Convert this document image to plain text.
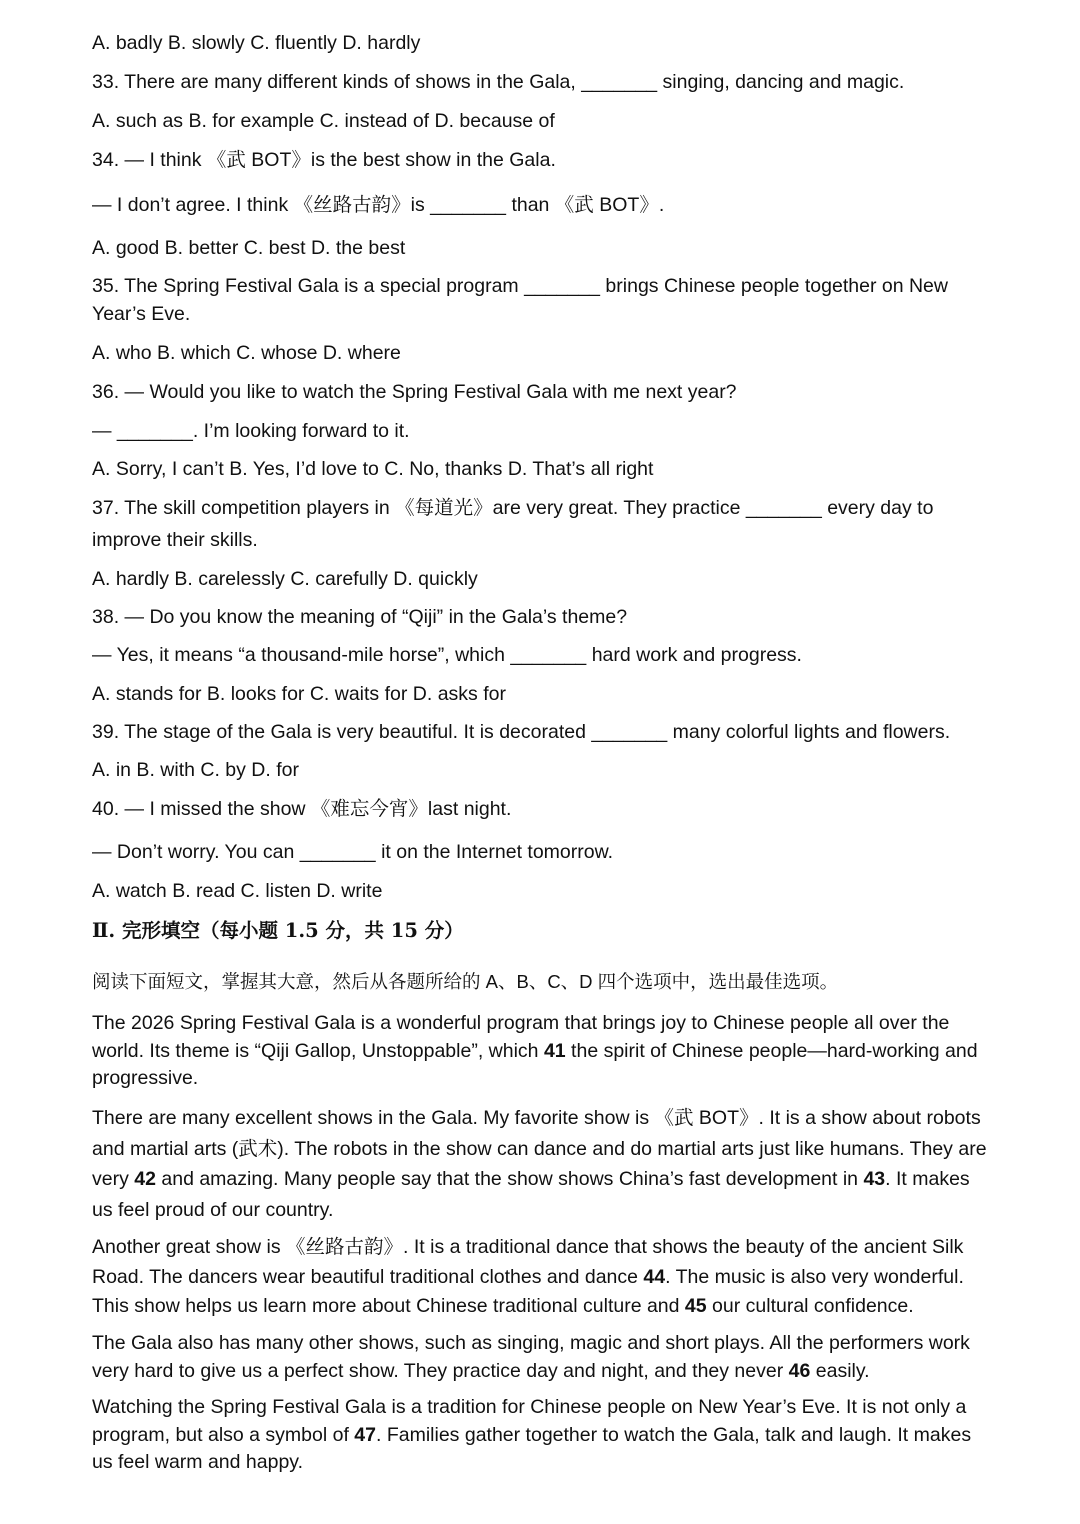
A. badly B. slowly C. fluently D. hardly

33. There are many different kinds of shows in the Gala, _______ singing, dancing and magic.

A. such as B. for example C. instead of D. because of

34. — I think 《武 BOT》is the best show in the Gala.

— I don’t agree. I think 《丝路古韵》is _______ than 《武 BOT》.

A. good B. better C. best D. the best

35. The Spring Festival Gala is a special program _______ brings Chinese people together on New

Year’s Eve.

A. who B. which C. whose D. where

36. — Would you like to watch the Spring Festival Gala with me next year?

— _______. I’m looking forward to it.

A. Sorry, I can’t B. Yes, I’d love to C. No, thanks D. That’s all right

37. The skill competition players in 《每道光》are very great. They practice _______ every day to

improve their skills.

A. hardly B. carelessly C. carefully D. quickly

38. — Do you know the meaning of “Qiji” in the Gala’s theme?

— Yes, it means “a thousand-mile horse”, which _______ hard work and progress.

A. stands for B. looks for C. waits for D. asks for

39. The stage of the Gala is very beautiful. It is decorated _______ many colorful lights and flowers.

A. in B. with C. by D. for

40. — I missed the show 《难忘今宵》last night.

— Don’t worry. You can _______ it on the Internet tomorrow.

A. watch B. read C. listen D. write

Ⅱ. 完形填空（每小题 1.5 分，共 15 分）

阅读下面短文，掌握其大意，然后从各题所给的 A、B、C、D 四个选项中，选出最佳选项。

The 2026 Spring Festival Gala is a wonderful program that brings joy to Chinese people all over the world. Its theme is “Qiji Gallop, Unstoppable”, which 41 the spirit of Chinese people—hard-working and progressive.

There are many excellent shows in the Gala. My favorite show is 《武 BOT》. It is a show about robots and martial arts (武术). The robots in the show can dance and do martial arts just like humans. They are very 42 and amazing. Many people say that the show shows China’s fast development in 43. It makes us feel proud of our country.

Another great show is 《丝路古韵》. It is a traditional dance that shows the beauty of the ancient Silk Road. The dancers wear beautiful traditional clothes and dance 44. The music is also very wonderful. This show helps us learn more about Chinese traditional culture and 45 our cultural confidence.

The Gala also has many other shows, such as singing, magic and short plays. All the performers work very hard to give us a perfect show. They practice day and night, and they never 46 easily.

Watching the Spring Festival Gala is a tradition for Chinese people on New Year’s Eve. It is not only a program, but also a symbol of 47. Families gather together to watch the Gala, talk and laugh. It makes us feel warm and happy.
